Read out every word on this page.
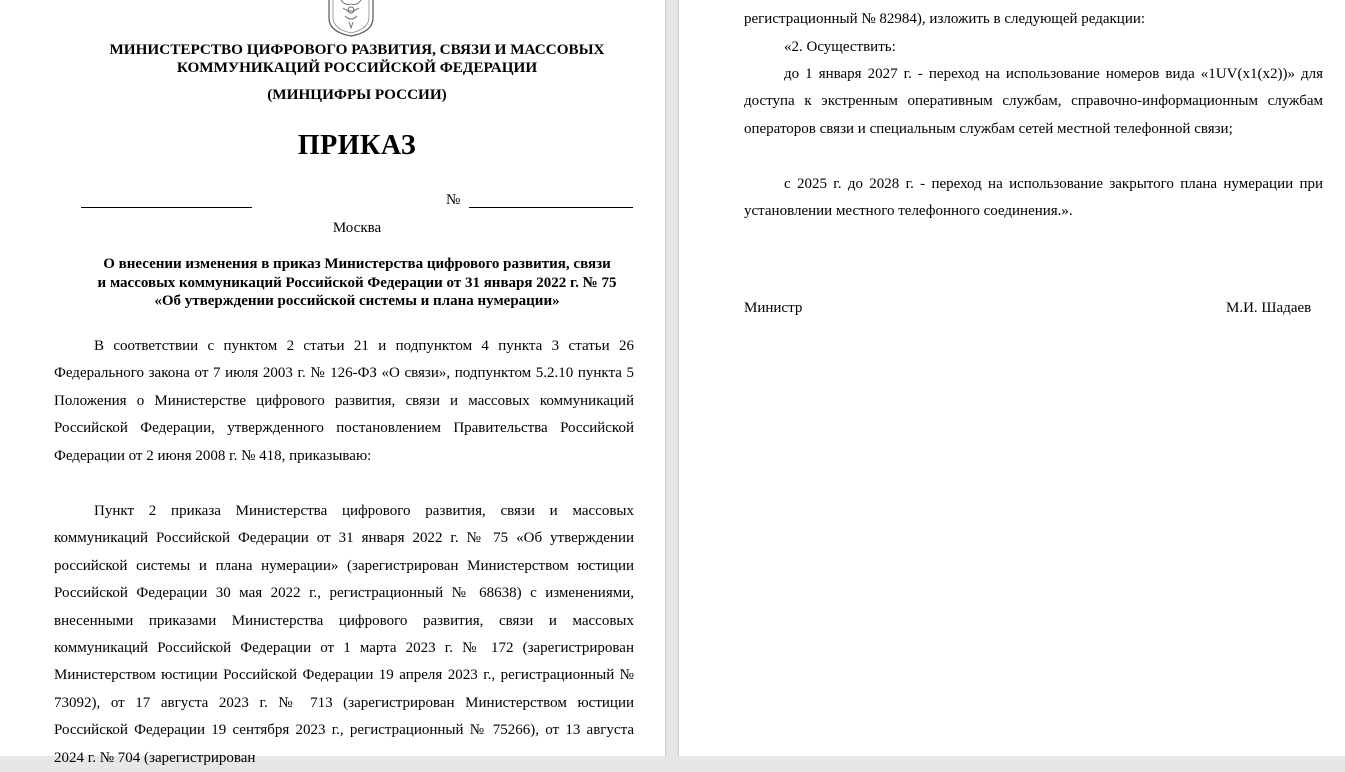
МИНИСТЕРСТВО ЦИФРОВОГО РАЗВИТИЯ, СВЯЗИ И МАССОВЫХ
КОММУНИКАЦИЙ РОССИЙСКОЙ ФЕДЕРАЦИИ
(МИНЦИФРЫ РОССИИ)
ПРИКАЗ
№
Москва
О внесении изменения в приказ Министерства цифрового развития, связи
и массовых коммуникаций Российской Федерации от 31 января 2022 г. № 75
«Об утверждении российской системы и плана нумерации»

В соответствии с пунктом 2 статьи 21 и подпунктом 4 пункта 3 статьи 26 Федерального закона от 7 июля 2003 г. № 126-ФЗ «О связи», подпунктом 5.2.10 пункта 5 Положения о Министерстве цифрового развития, связи и массовых коммуникаций Российской Федерации, утвержденного постановлением Правительства Российской Федерации от 2 июня 2008 г. № 418, приказываю:

Пункт 2 приказа Министерства цифрового развития, связи и массовых коммуникаций Российской Федерации от 31 января 2022 г. № 75 «Об утверждении российской системы и плана нумерации» (зарегистрирован Министерством юстиции Российской Федерации 30 мая 2022 г., регистрационный № 68638) с изменениями, внесенными приказами Министерства цифрового развития, связи и массовых коммуникаций Российской Федерации от 1 марта 2023 г. № 172 (зарегистрирован Министерством юстиции Российской Федерации 19 апреля 2023 г., регистрационный № 73092), от 17 августа 2023 г. № 713 (зарегистрирован Министерством юстиции Российской Федерации 19 сентября 2023 г., регистрационный № 75266), от 13 августа 2024 г. № 704 (зарегистрирован

регистрационный № 82984), изложить в следующей редакции:

«2. Осуществить:

до 1 января 2027 г. - переход на использование номеров вида «1UV(x1(x2))» для доступа к экстренным оперативным службам, справочно-информационным службам операторов связи и специальным службам сетей местной телефонной связи;

с 2025 г. до 2028 г. - переход на использование закрытого плана нумерации при установлении местного телефонного соединения.».

Министр	М.И. Шадаев
